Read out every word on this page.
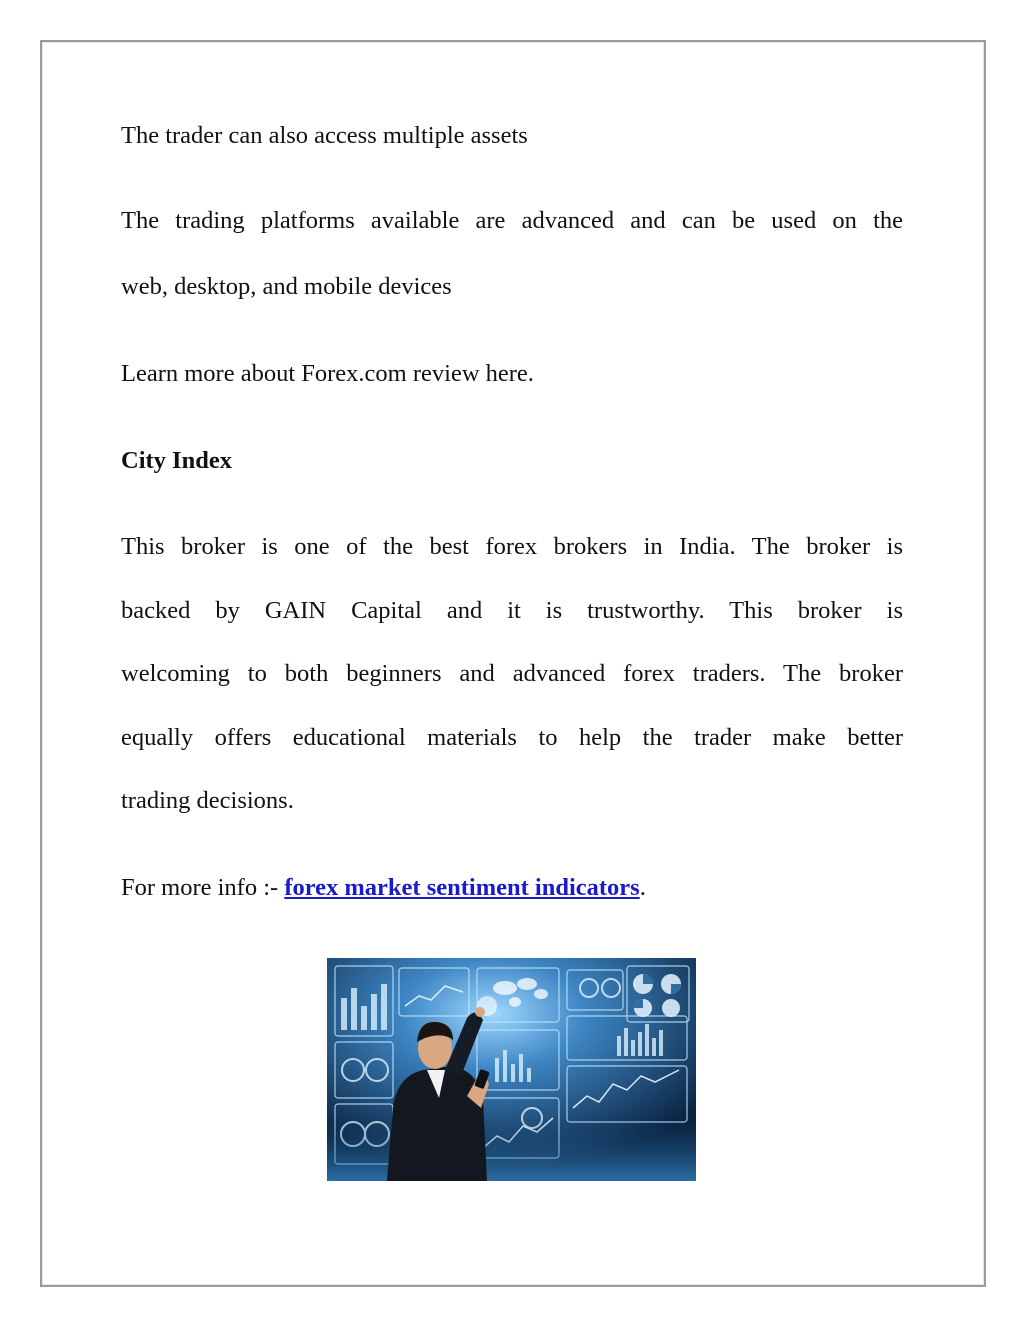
The trader can also access multiple assets

The trading platforms available are advanced and can be used on the

web, desktop, and mobile devices

Learn more about Forex.com review here.

City Index

This broker is one of the best forex brokers in India. The broker is

backed by GAIN Capital and it is trustworthy. This broker is

welcoming to both beginners and advanced forex traders. The broker

equally offers educational materials to help the trader make better

trading decisions.

For more info :- forex market sentiment indicators.
